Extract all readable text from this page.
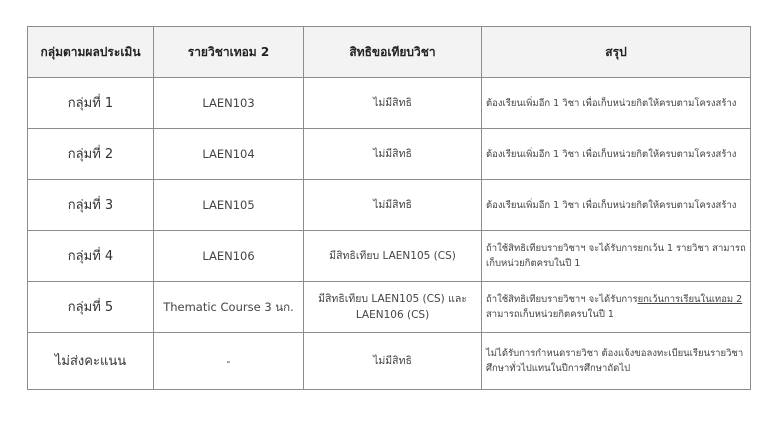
กลุ่มตามผลประเมิน	รายวิชาเทอม 2	สิทธิขอเทียบวิชา	สรุป
กลุ่มที่ 1	LAEN103	ไม่มีสิทธิ	ต้องเรียนเพิ่มอีก 1 วิชา เพื่อเก็บหน่วยกิตให้ครบตามโครงสร้าง
กลุ่มที่ 2	LAEN104	ไม่มีสิทธิ	ต้องเรียนเพิ่มอีก 1 วิชา เพื่อเก็บหน่วยกิตให้ครบตามโครงสร้าง
กลุ่มที่ 3	LAEN105	ไม่มีสิทธิ	ต้องเรียนเพิ่มอีก 1 วิชา เพื่อเก็บหน่วยกิตให้ครบตามโครงสร้าง
กลุ่มที่ 4	LAEN106	มีสิทธิเทียบ LAEN105 (CS)	ถ้าใช้สิทธิเทียบรายวิชาฯ จะได้รับการยกเว้น 1 รายวิชา สามารถเก็บหน่วยกิตครบในปี 1
กลุ่มที่ 5	Thematic Course 3 นก.	มีสิทธิเทียบ LAEN105 (CS) และ LAEN106 (CS)	ถ้าใช้สิทธิเทียบรายวิชาฯ จะได้รับการยกเว้นการเรียนในเทอม 2 สามารถเก็บหน่วยกิตครบในปี 1
ไม่ส่งคะแนน	-	ไม่มีสิทธิ	ไม่ได้รับการกำหนดรายวิชา ต้องแจ้งขอลงทะเบียนเรียนรายวิชาศึกษาทั่วไปแทนในปีการศึกษาถัดไป
